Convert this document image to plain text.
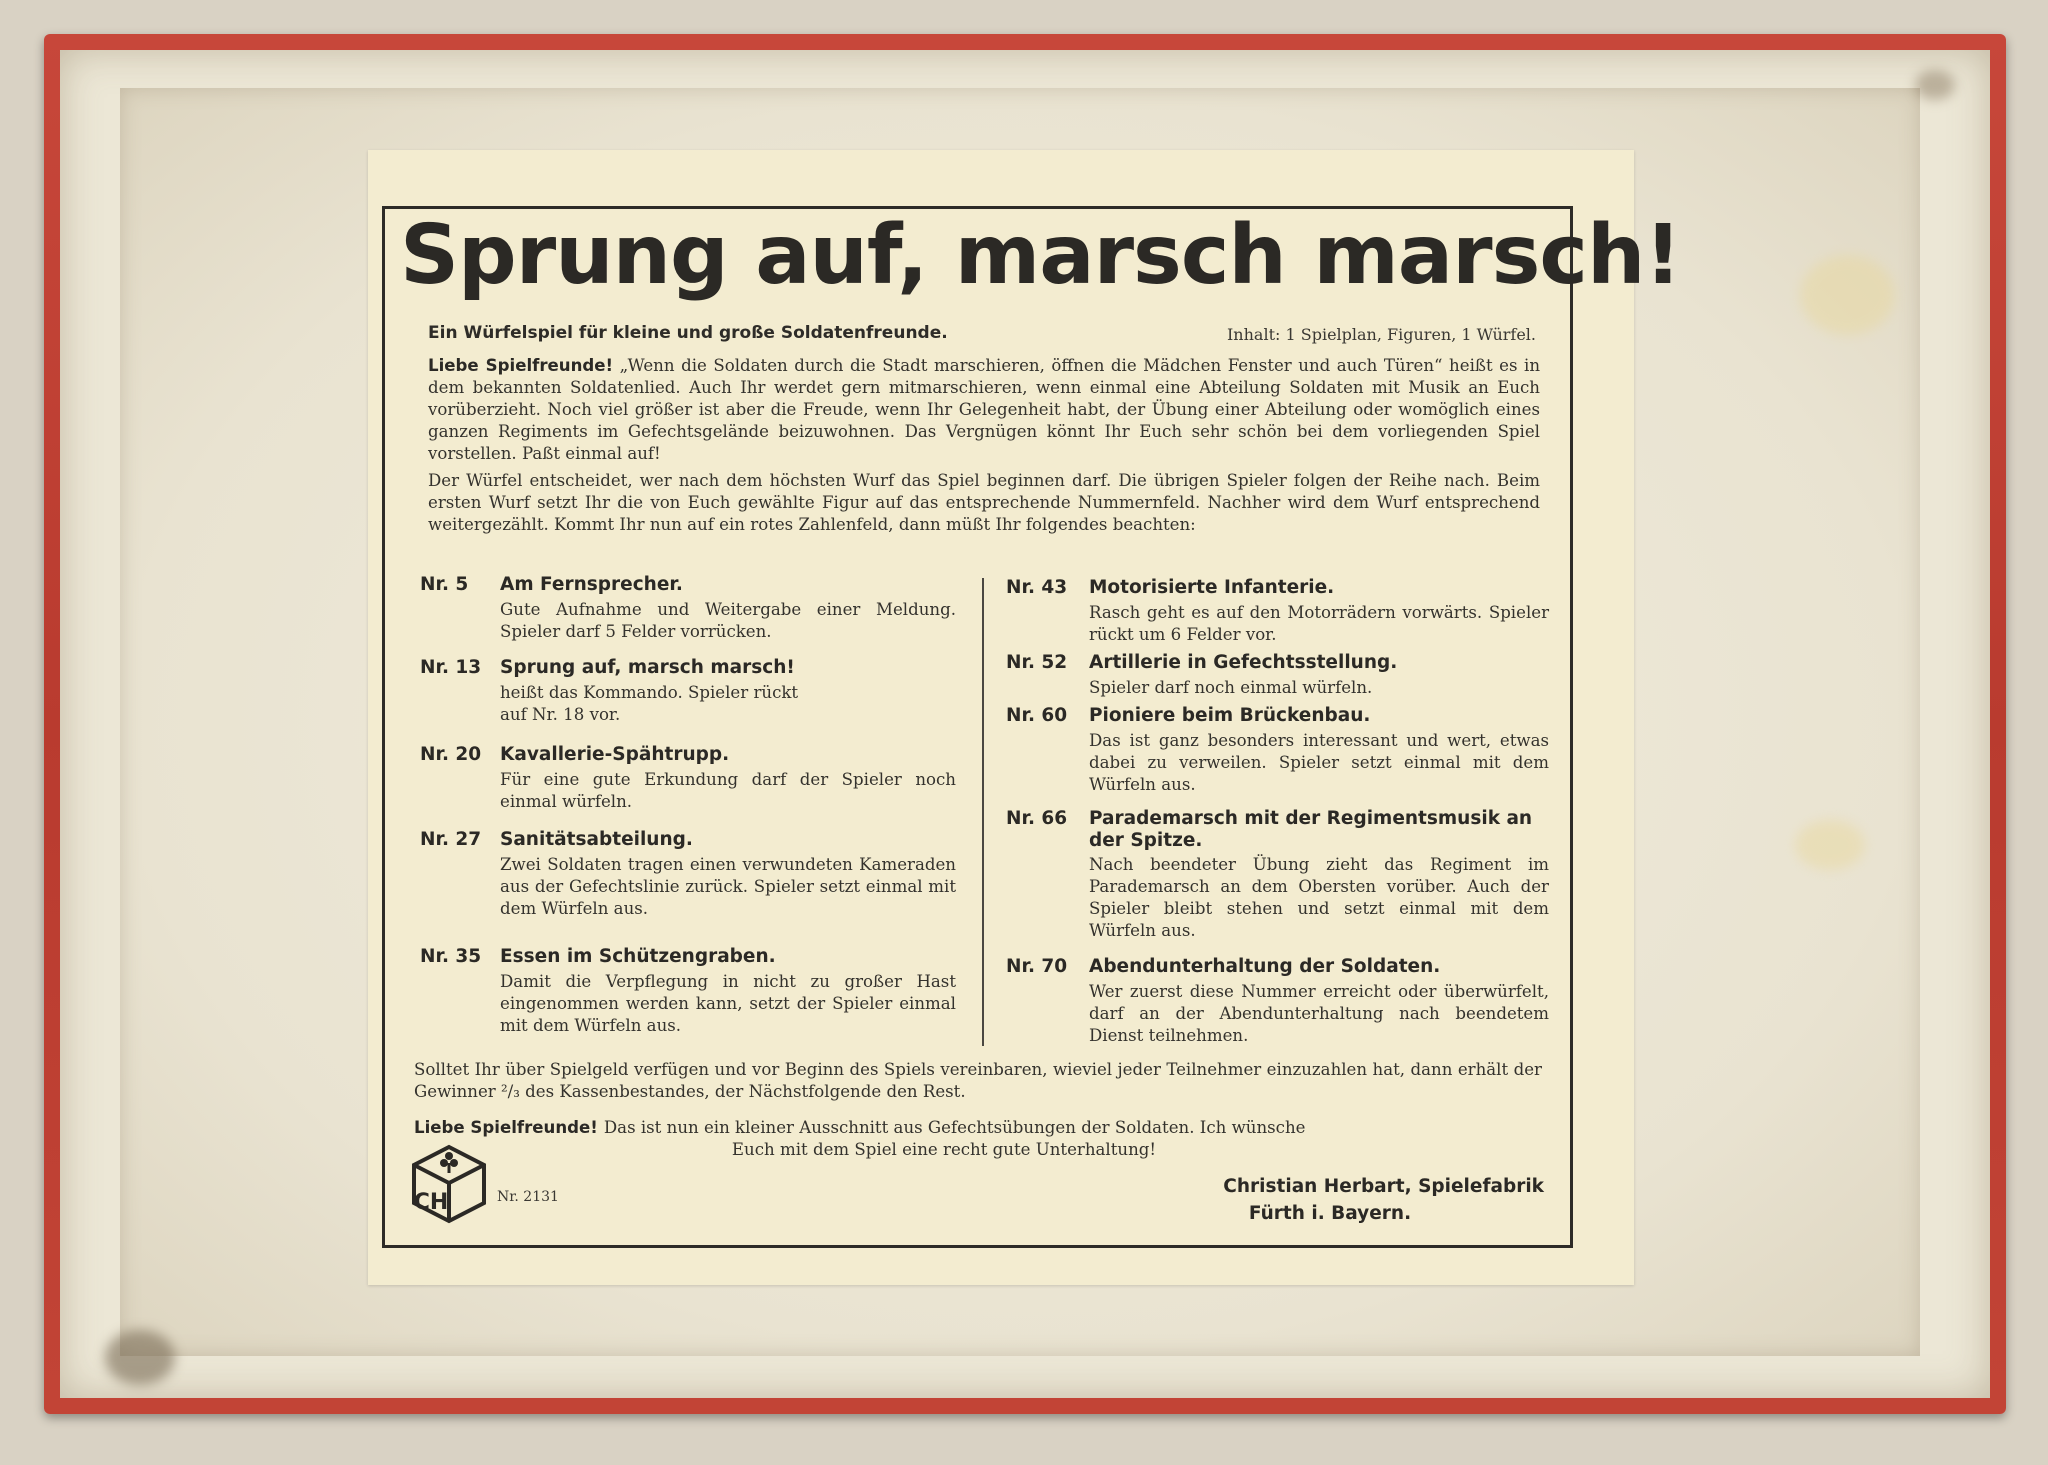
Sprung auf, marsch marsch!
Ein Würfelspiel für kleine und große Soldatenfreunde.	Inhalt: 1 Spielplan, Figuren, 1 Würfel.

Liebe Spielfreunde! „Wenn die Soldaten durch die Stadt marschieren, öffnen die Mädchen Fenster und auch Türen“ heißt es in dem bekannten Soldatenlied. Auch Ihr werdet gern mitmarschieren, wenn einmal eine Abteilung Soldaten mit Musik an Euch vorüberzieht. Noch viel größer ist aber die Freude, wenn Ihr Gelegenheit habt, der Übung einer Abteilung oder womöglich eines ganzen Regiments im Gefechtsgelände beizuwohnen. Das Vergnügen könnt Ihr Euch sehr schön bei dem vorliegenden Spiel vorstellen. Paßt einmal auf!

Der Würfel entscheidet, wer nach dem höchsten Wurf das Spiel beginnen darf. Die übrigen Spieler folgen der Reihe nach. Beim ersten Wurf setzt Ihr die von Euch gewählte Figur auf das entsprechende Nummernfeld. Nachher wird dem Wurf entsprechend weitergezählt. Kommt Ihr nun auf ein rotes Zahlenfeld, dann müßt Ihr folgendes beachten:

Nr. 5 Am Fernsprecher.

Gute Aufnahme und Weitergabe einer Meldung. Spieler darf 5 Felder vorrücken.

Nr. 13 Sprung auf, marsch marsch!

heißt das Kommando. Spieler rückt auf Nr. 18 vor.

Nr. 20 Kavallerie-Spähtrupp.

Für eine gute Erkundung darf der Spieler noch einmal würfeln.

Nr. 27 Sanitätsabteilung.

Zwei Soldaten tragen einen verwundeten Kameraden aus der Gefechtslinie zurück. Spieler setzt einmal mit dem Würfeln aus.

Nr. 35 Essen im Schützengraben.

Damit die Verpflegung in nicht zu großer Hast eingenommen werden kann, setzt der Spieler einmal mit dem Würfeln aus.

Nr. 43 Motorisierte Infanterie.

Rasch geht es auf den Motorrädern vorwärts. Spieler rückt um 6 Felder vor.

Nr. 52 Artillerie in Gefechtsstellung.

Spieler darf noch einmal würfeln.

Nr. 60 Pioniere beim Brückenbau.

Das ist ganz besonders interessant und wert, etwas dabei zu verweilen. Spieler setzt einmal mit dem Würfeln aus.

Nr. 66 Parademarsch mit der Regimentsmusik an der Spitze.

Nach beendeter Übung zieht das Regiment im Parademarsch an dem Obersten vorüber. Auch der Spieler bleibt stehen und setzt einmal mit dem Würfeln aus.

Nr. 70 Abendunterhaltung der Soldaten.

Wer zuerst diese Nummer erreicht oder überwürfelt, darf an der Abendunterhaltung nach beendetem Dienst teilnehmen.

Solltet Ihr über Spielgeld verfügen und vor Beginn des Spiels vereinbaren, wieviel jeder Teilnehmer einzuzahlen hat, dann erhält der Gewinner ²/₃ des Kassenbestandes, der Nächstfolgende den Rest.

Liebe Spielfreunde! Das ist nun ein kleiner Ausschnitt aus Gefechtsübungen der Soldaten. Ich wünsche
Euch mit dem Spiel eine recht gute Unterhaltung!

CH	Nr. 2131	Christian Herbart, Spielefabrik
Fürth i. Bayern.
